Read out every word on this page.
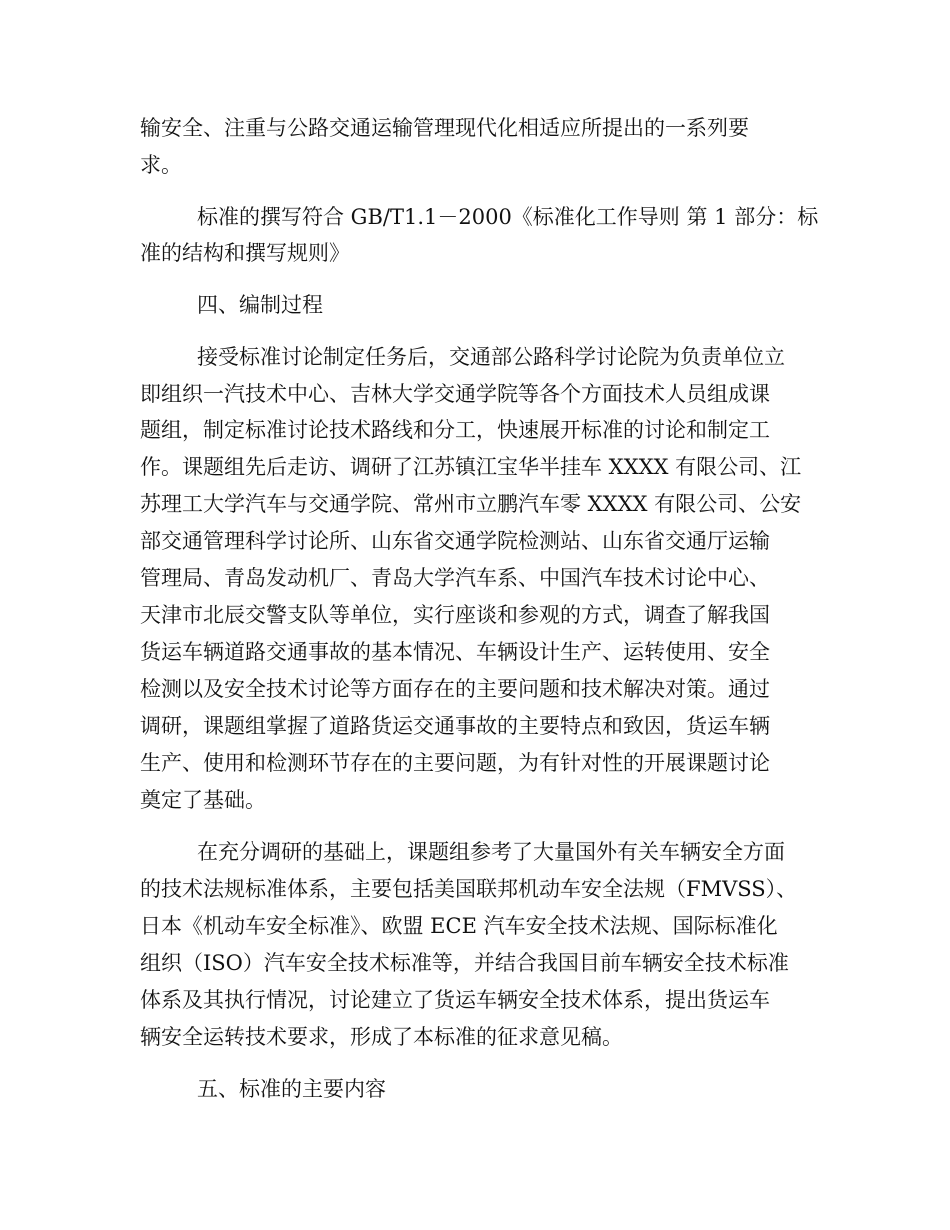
输安全、注重与公路交通运输管理现代化相适应所提出的一系列要

求。

标准的撰写符合 GB/T1.1－2000《标准化工作导则 第 1 部分：标

准的结构和撰写规则》

四、编制过程

接受标准讨论制定任务后，交通部公路科学讨论院为负责单位立

即组织一汽技术中心、吉林大学交通学院等各个方面技术人员组成课

题组，制定标准讨论技术路线和分工，快速展开标准的讨论和制定工

作。课题组先后走访、调研了江苏镇江宝华半挂车 XXXX 有限公司、江

苏理工大学汽车与交通学院、常州市立鹏汽车零 XXXX 有限公司、公安

部交通管理科学讨论所、山东省交通学院检测站、山东省交通厅运输

管理局、青岛发动机厂、青岛大学汽车系、中国汽车技术讨论中心、

天津市北辰交警支队等单位，实行座谈和参观的方式，调查了解我国

货运车辆道路交通事故的基本情况、车辆设计生产、运转使用、安全

检测以及安全技术讨论等方面存在的主要问题和技术解决对策。通过

调研，课题组掌握了道路货运交通事故的主要特点和致因，货运车辆

生产、使用和检测环节存在的主要问题，为有针对性的开展课题讨论

奠定了基础。

在充分调研的基础上，课题组参考了大量国外有关车辆安全方面

的技术法规标准体系，主要包括美国联邦机动车安全法规（FMVSS）、

日本《机动车安全标准》、欧盟 ECE 汽车安全技术法规、国际标准化

组织（ISO）汽车安全技术标准等，并结合我国目前车辆安全技术标准

体系及其执行情况，讨论建立了货运车辆安全技术体系，提出货运车

辆安全运转技术要求，形成了本标准的征求意见稿。

五、标准的主要内容
